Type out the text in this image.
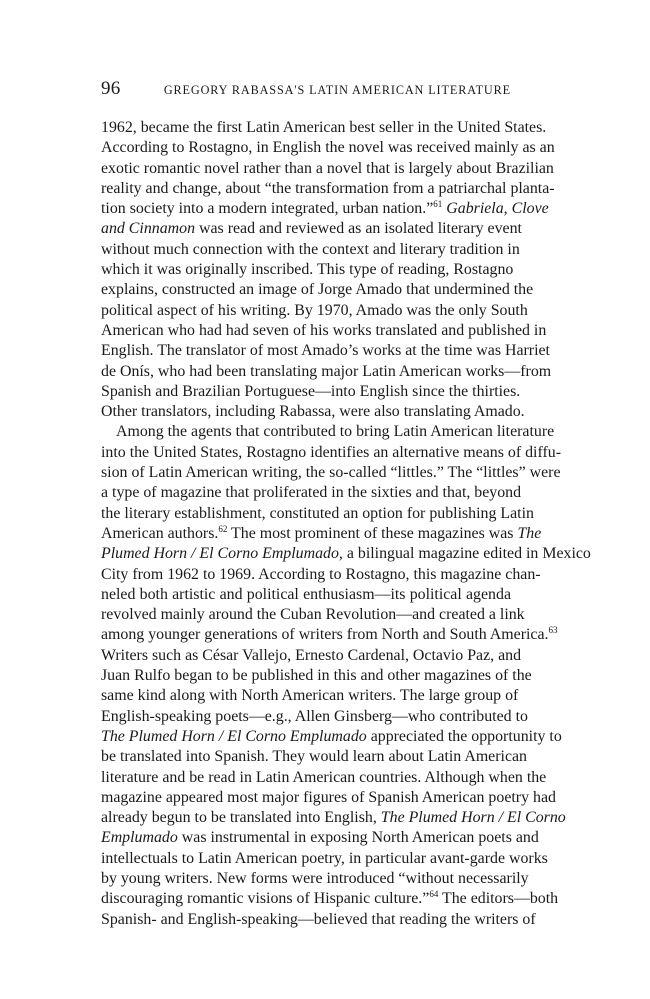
96	GREGORY RABASSA'S LATIN AMERICAN LITERATURE
1962, became the first Latin American best seller in the United States.
According to Rostagno, in English the novel was received mainly as an
exotic romantic novel rather than a novel that is largely about Brazilian
reality and change, about “the transformation from a patriarchal planta-
tion society into a modern integrated, urban nation.”$^{61}$ Gabriela, Clove
and Cinnamon was read and reviewed as an isolated literary event
without much connection with the context and literary tradition in
which it was originally inscribed. This type of reading, Rostagno
explains, constructed an image of Jorge Amado that undermined the
political aspect of his writing. By 1970, Amado was the only South
American who had had seven of his works translated and published in
English. The translator of most Amado’s works at the time was Harriet
de Onís, who had been translating major Latin American works—from
Spanish and Brazilian Portuguese—into English since the thirties.
Other translators, including Rabassa, were also translating Amado.
Among the agents that contributed to bring Latin American literature
into the United States, Rostagno identifies an alternative means of diffu-
sion of Latin American writing, the so-called “littles.” The “littles” were
a type of magazine that proliferated in the sixties and that, beyond
the literary establishment, constituted an option for publishing Latin
American authors.$^{62}$ The most prominent of these magazines was The
Plumed Horn / El Corno Emplumado, a bilingual magazine edited in Mexico
City from 1962 to 1969. According to Rostagno, this magazine chan-
neled both artistic and political enthusiasm—its political agenda
revolved mainly around the Cuban Revolution—and created a link
among younger generations of writers from North and South America.$^{63}$
Writers such as César Vallejo, Ernesto Cardenal, Octavio Paz, and
Juan Rulfo began to be published in this and other magazines of the
same kind along with North American writers. The large group of
English-speaking poets—e.g., Allen Ginsberg—who contributed to
The Plumed Horn / El Corno Emplumado appreciated the opportunity to
be translated into Spanish. They would learn about Latin American
literature and be read in Latin American countries. Although when the
magazine appeared most major figures of Spanish American poetry had
already begun to be translated into English, The Plumed Horn / El Corno
Emplumado was instrumental in exposing North American poets and
intellectuals to Latin American poetry, in particular avant-garde works
by young writers. New forms were introduced “without necessarily
discouraging romantic visions of Hispanic culture.”$^{64}$ The editors—both
Spanish- and English-speaking—believed that reading the writers of
